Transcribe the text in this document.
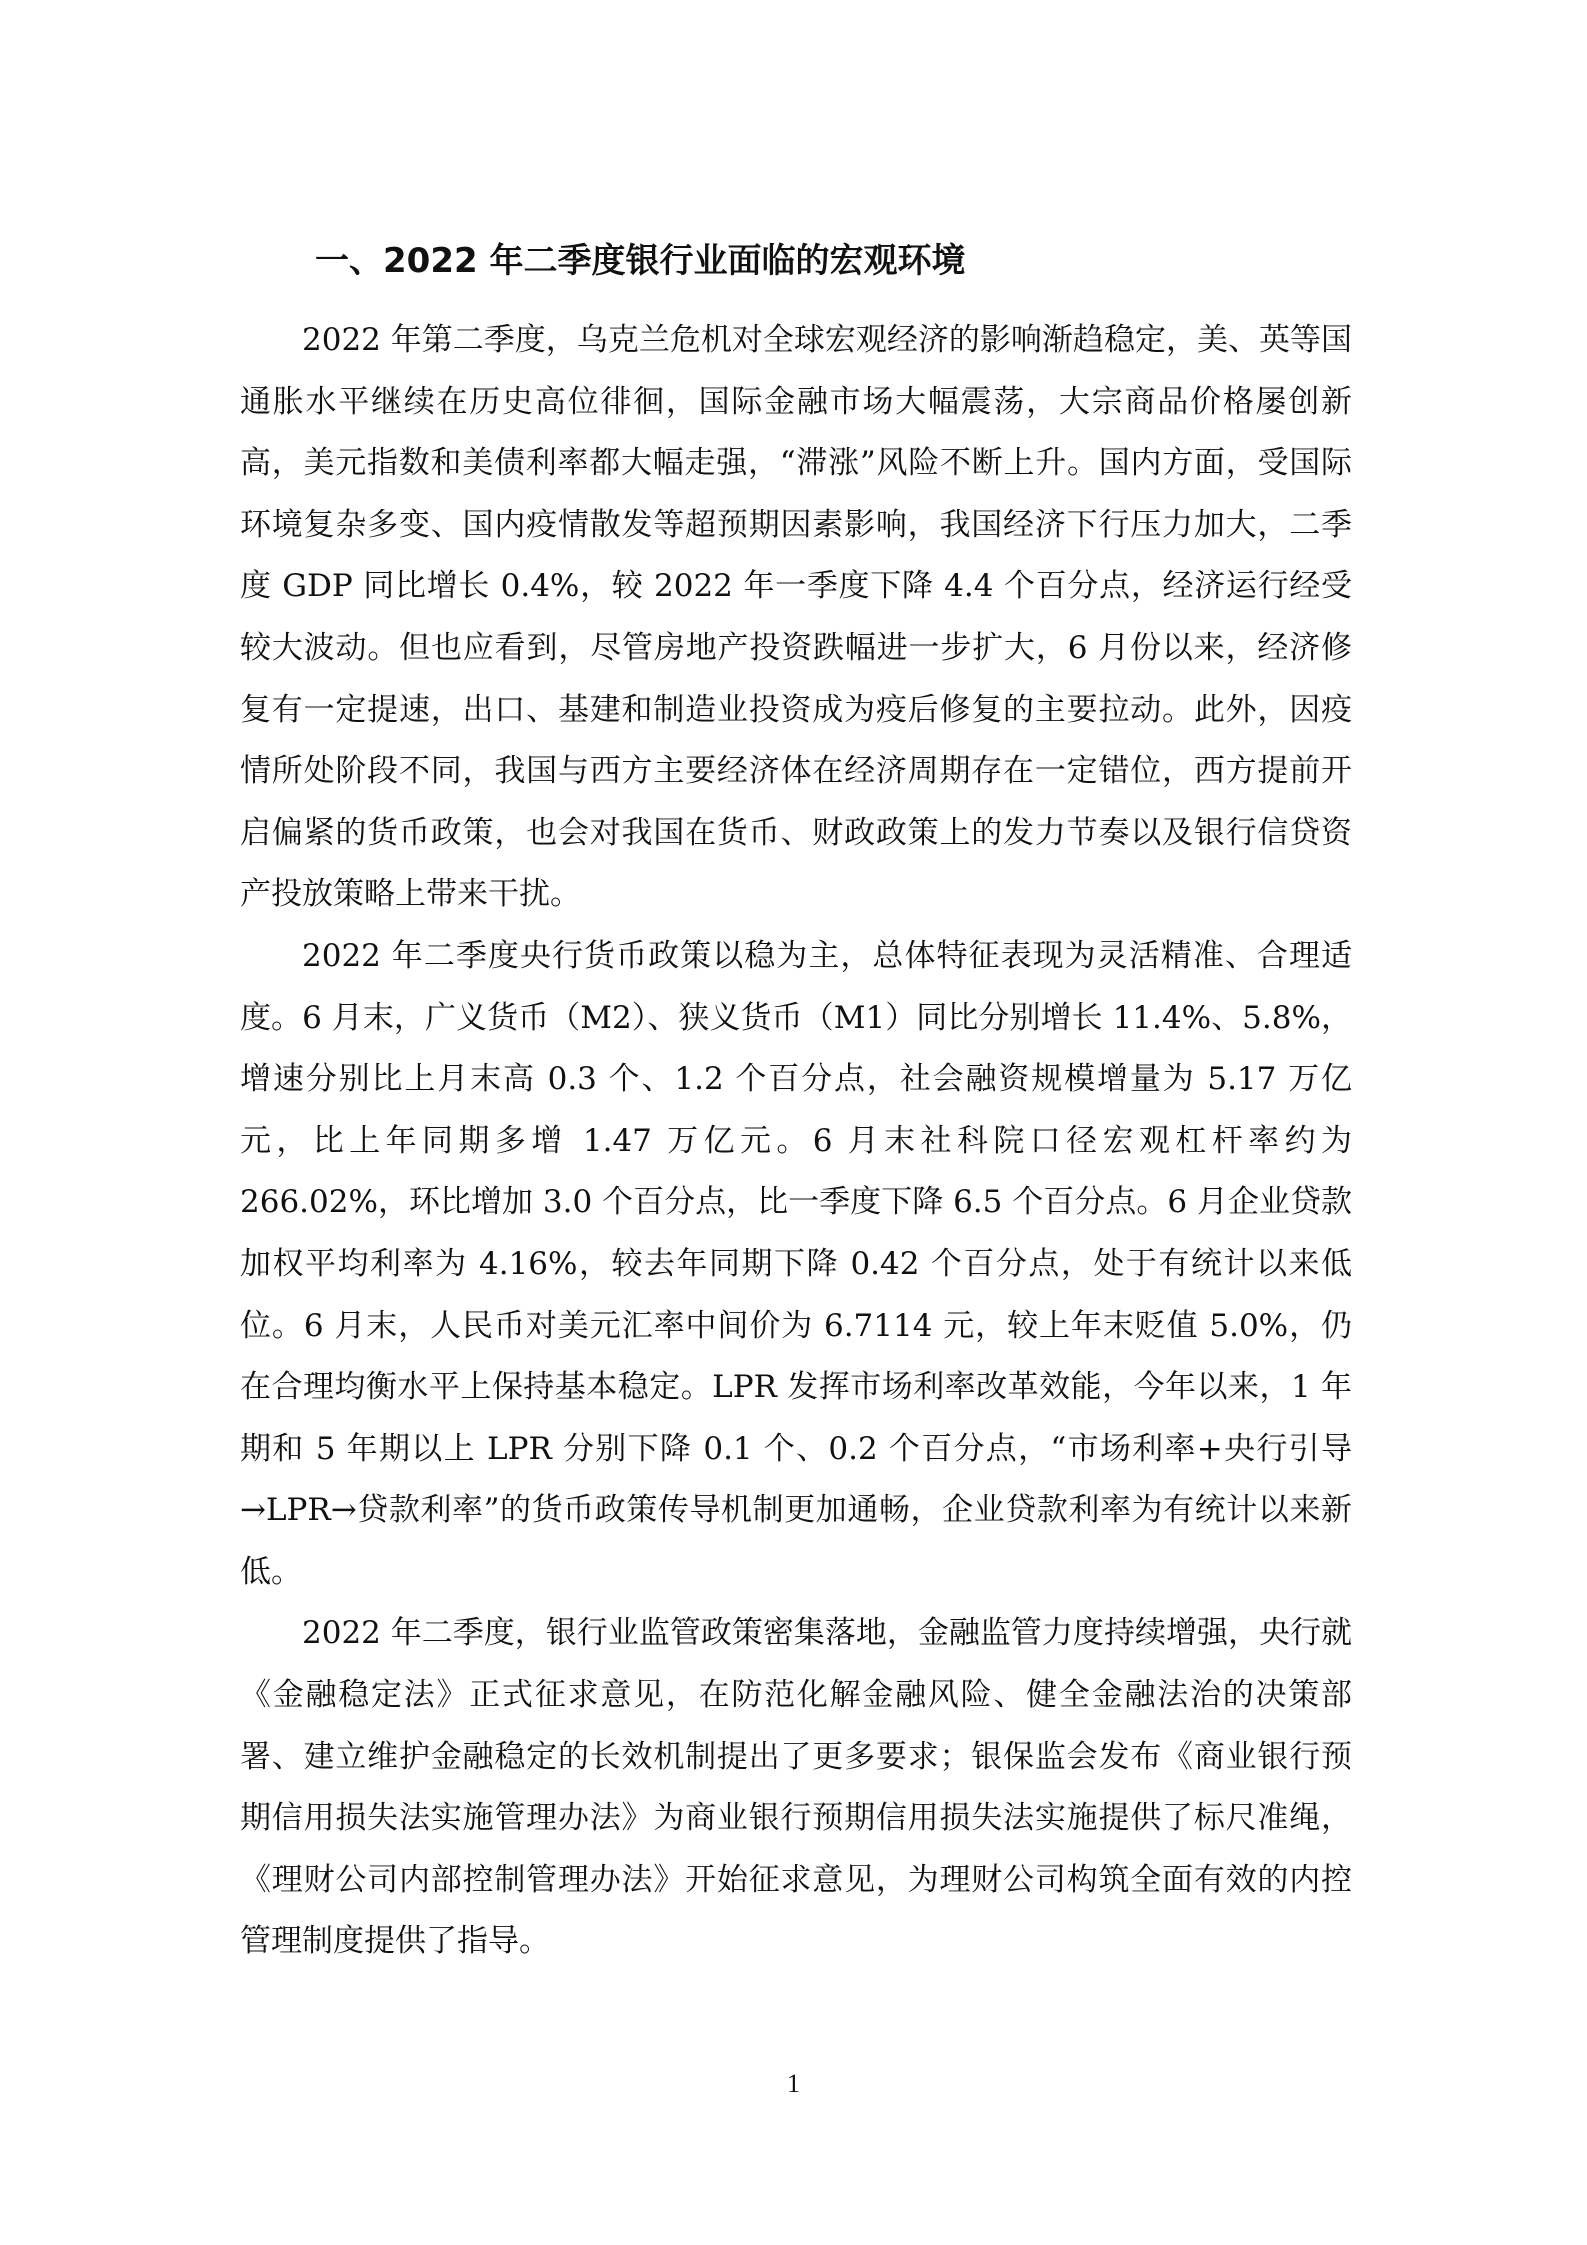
一、2022 年二季度银行业面临的宏观环境

2022 年第二季度，乌克兰危机对全球宏观经济的影响渐趋稳定，美、英等国通胀水平继续在历史高位徘徊，国际金融市场大幅震荡，大宗商品价格屡创新高，美元指数和美债利率都大幅走强，“滞涨”风险不断上升。国内方面，受国际环境复杂多变、国内疫情散发等超预期因素影响，我国经济下行压力加大，二季度 GDP 同比增长 0.4%，较 2022 年一季度下降 4.4 个百分点，经济运行经受较大波动。但也应看到，尽管房地产投资跌幅进一步扩大，6 月份以来，经济修复有一定提速，出口、基建和制造业投资成为疫后修复的主要拉动。此外，因疫情所处阶段不同，我国与西方主要经济体在经济周期存在一定错位，西方提前开启偏紧的货币政策，也会对我国在货币、财政政策上的发力节奏以及银行信贷资产投放策略上带来干扰。

2022 年二季度央行货币政策以稳为主，总体特征表现为灵活精准、合理适度。6 月末，广义货币（M2）、狭义货币（M1）同比分别增长 11.4%、5.8%，增速分别比上月末高 0.3 个、1.2 个百分点，社会融资规模增量为 5.17 万亿元，比上年同期多增 1.47 万亿元。6 月末社科院口径宏观杠杆率约为 266.02%，环比增加 3.0 个百分点，比一季度下降 6.5 个百分点。6 月企业贷款加权平均利率为 4.16%，较去年同期下降 0.42 个百分点，处于有统计以来低位。6 月末，人民币对美元汇率中间价为 6.7114 元，较上年末贬值 5.0%，仍在合理均衡水平上保持基本稳定。LPR 发挥市场利率改革效能，今年以来，1 年期和 5 年期以上 LPR 分别下降 0.1 个、0.2 个百分点，“市场利率+央行引导→LPR→贷款利率”的货币政策传导机制更加通畅，企业贷款利率为有统计以来新低。

2022 年二季度，银行业监管政策密集落地，金融监管力度持续增强，央行就《金融稳定法》正式征求意见，在防范化解金融风险、健全金融法治的决策部署、建立维护金融稳定的长效机制提出了更多要求；银保监会发布《商业银行预期信用损失法实施管理办法》为商业银行预期信用损失法实施提供了标尺准绳，《理财公司内部控制管理办法》开始征求意见，为理财公司构筑全面有效的内控管理制度提供了指导。

1
